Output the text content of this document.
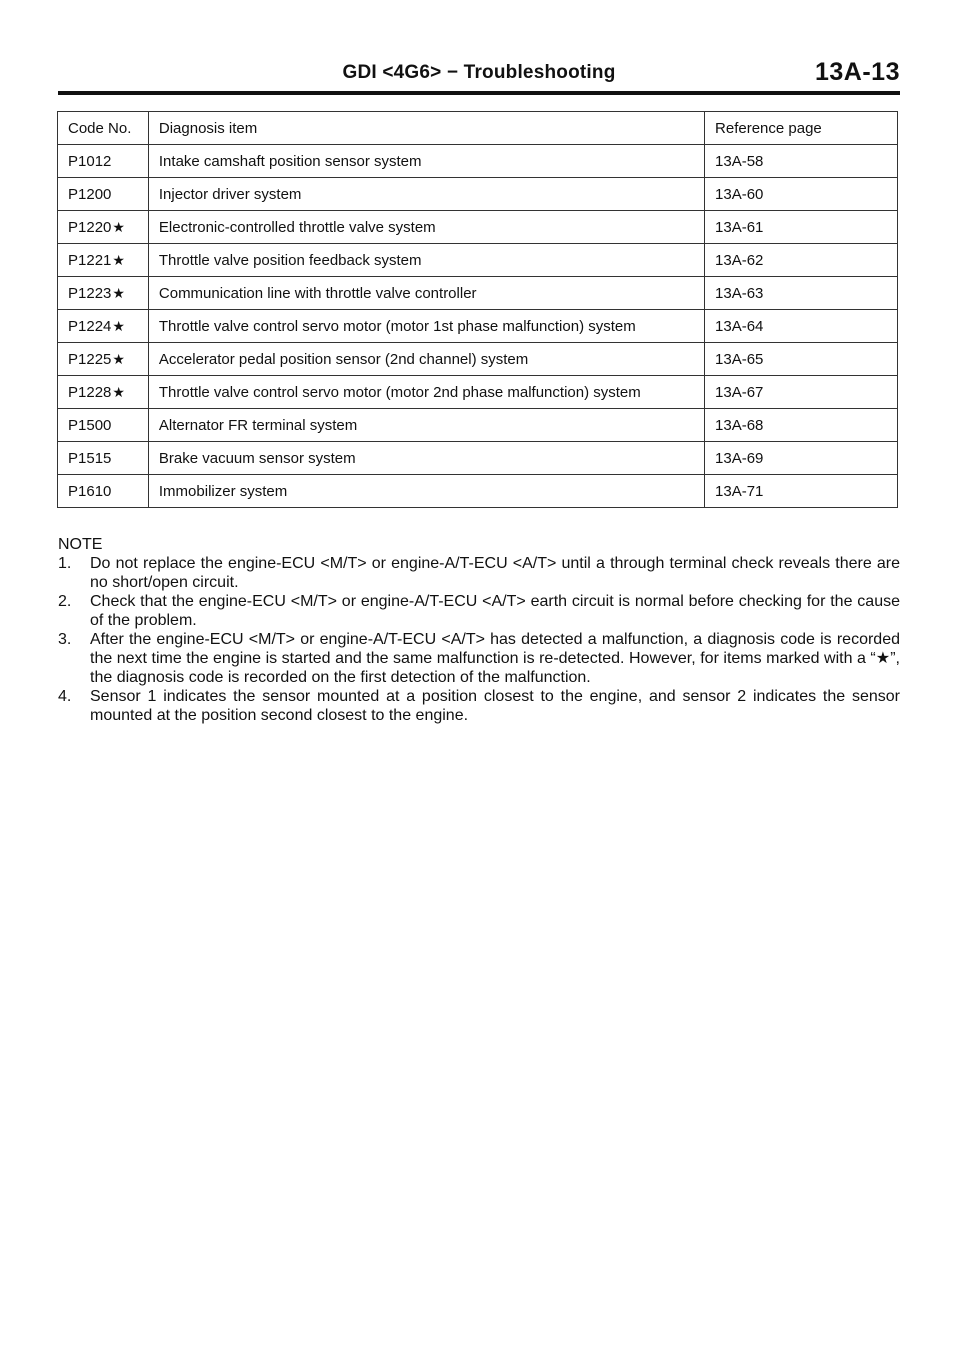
GDI <4G6> − Troubleshooting	13A-13
Code No.	Diagnosis item	Reference page
P1012	Intake camshaft position sensor system	13A-58
P1200	Injector driver system	13A-60
P1220★	Electronic-controlled throttle valve system	13A-61
P1221★	Throttle valve position feedback system	13A-62
P1223★	Communication line with throttle valve controller	13A-63
P1224★	Throttle valve control servo motor (motor 1st phase malfunction) system	13A-64
P1225★	Accelerator pedal position sensor (2nd channel) system	13A-65
P1228★	Throttle valve control servo motor (motor 2nd phase malfunction) system	13A-67
P1500	Alternator FR terminal system	13A-68
P1515	Brake vacuum sensor system	13A-69
P1610	Immobilizer system	13A-71
NOTE
1. Do not replace the engine-ECU <M/T> or engine-A/T-ECU <A/T> until a through terminal check reveals there are no short/open circuit.
2. Check that the engine-ECU <M/T> or engine-A/T-ECU <A/T> earth circuit is normal before checking for the cause of the problem.
3. After the engine-ECU <M/T> or engine-A/T-ECU <A/T> has detected a malfunction, a diagnosis code is recorded the next time the engine is started and the same malfunction is re-detected. However, for items marked with a “★”, the diagnosis code is recorded on the first detection of the malfunction.
4. Sensor 1 indicates the sensor mounted at a position closest to the engine, and sensor 2 indicates the sensor mounted at the position second closest to the engine.
